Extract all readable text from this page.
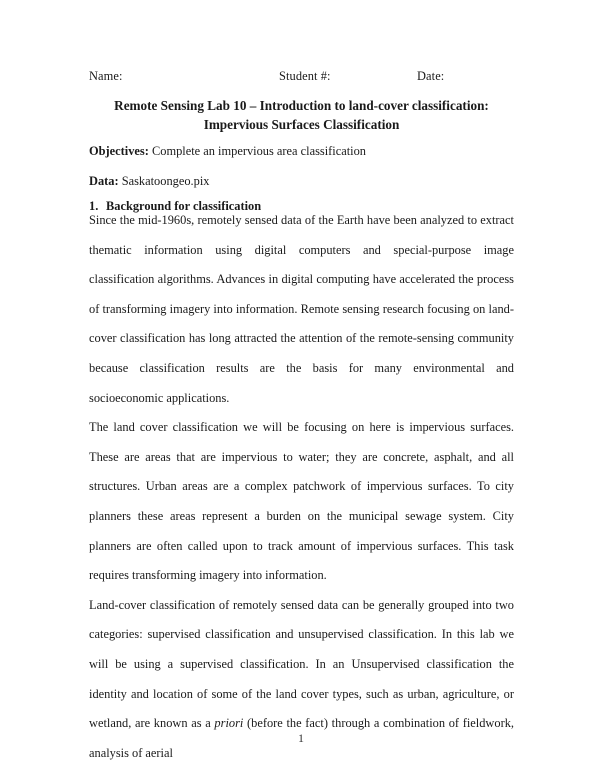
Name:	Student #:	Date:
Remote Sensing Lab 10 – Introduction to land-cover classification:
Impervious Surfaces Classification
Objectives: Complete an impervious area classification
Data: Saskatoongeo.pix
1. Background for classification

Since the mid-1960s, remotely sensed data of the Earth have been analyzed to extract thematic information using digital computers and special-purpose image classification algorithms. Advances in digital computing have accelerated the process of transforming imagery into information. Remote sensing research focusing on land-cover classification has long attracted the attention of the remote-sensing community because classification results are the basis for many environmental and socioeconomic applications.

The land cover classification we will be focusing on here is impervious surfaces. These are areas that are impervious to water; they are concrete, asphalt, and all structures. Urban areas are a complex patchwork of impervious surfaces. To city planners these areas represent a burden on the municipal sewage system. City planners are often called upon to track amount of impervious surfaces. This task requires transforming imagery into information.

Land-cover classification of remotely sensed data can be generally grouped into two categories: supervised classification and unsupervised classification. In this lab we will be using a supervised classification. In an Unsupervised classification the identity and location of some of the land cover types, such as urban, agriculture, or wetland, are known as a priori (before the fact) through a combination of fieldwork, analysis of aerial

1
